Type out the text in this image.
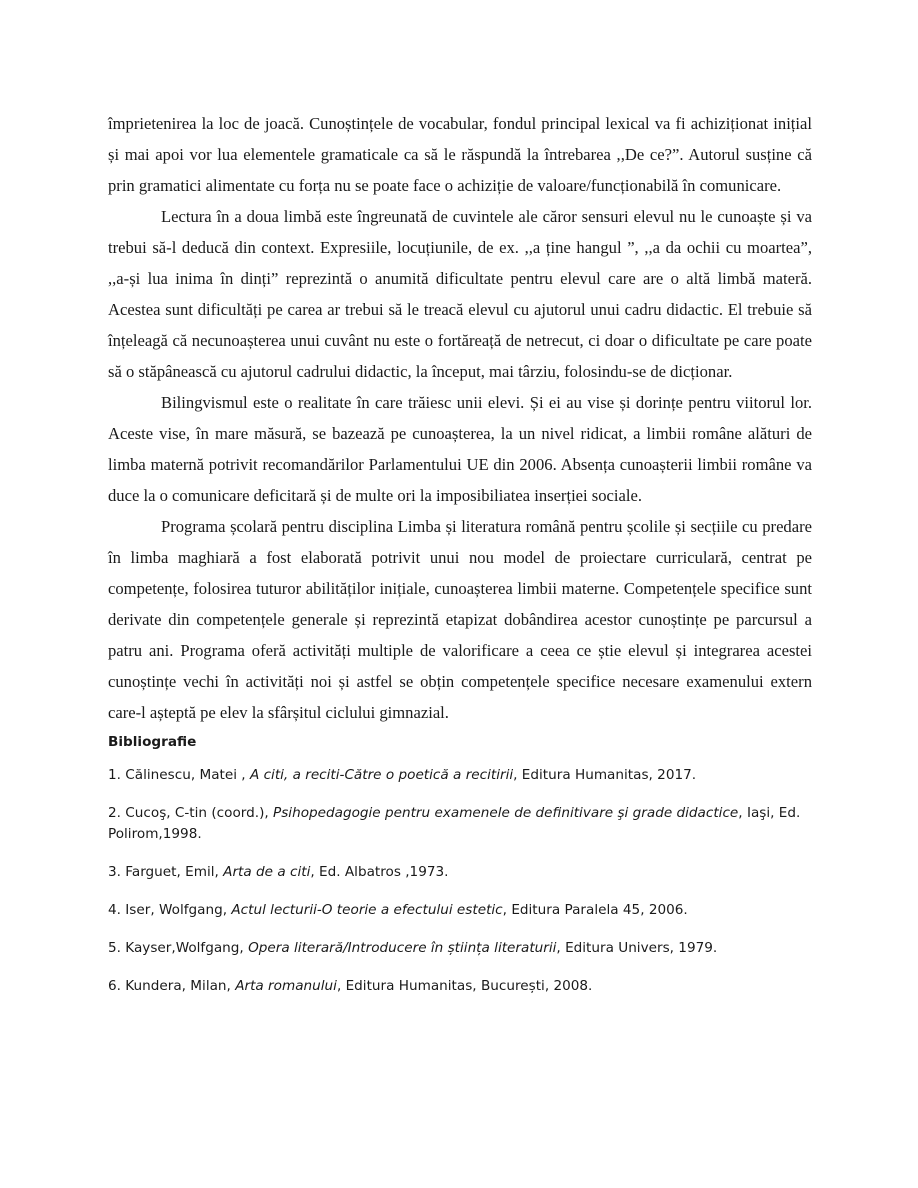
împrietenirea la loc de joacă. Cunoștințele de vocabular, fondul principal lexical va fi achiziționat inițial și mai apoi vor lua elementele gramaticale ca să le răspundă la întrebarea ,,De ce?”. Autorul susține că prin gramatici alimentate cu forța nu se poate face o achiziție de valoare/funcționabilă în comunicare.

Lectura în a doua limbă este îngreunată de cuvintele ale căror sensuri elevul nu le cunoaște și va trebui să-l deducă din context. Expresiile, locuțiunile, de ex. ,,a ține hangul ”, ,,a da ochii cu moartea”, ,,a-și lua inima în dinți” reprezintă o anumită dificultate pentru elevul care are o altă limbă materă. Acestea sunt dificultăți pe carea ar trebui să le treacă elevul cu ajutorul unui cadru didactic. El trebuie să înțeleagă că necunoașterea unui cuvânt nu este o fortăreață de netrecut, ci doar o dificultate pe care poate să o stăpânească cu ajutorul cadrului didactic, la început, mai târziu, folosindu-se de dicționar.

Bilingvismul este o realitate în care trăiesc unii elevi. Și ei au vise și dorințe pentru viitorul lor. Aceste vise, în mare măsură, se bazează pe cunoașterea, la un nivel ridicat, a limbii române alături de limba maternă potrivit recomandărilor Parlamentului UE din 2006. Absența cunoașterii limbii române va duce la o comunicare deficitară și de multe ori la imposibiliatea inserției sociale.

Programa școlară pentru disciplina Limba și literatura română pentru școlile și secțiile cu predare în limba maghiară a fost elaborată potrivit unui nou model de proiectare curriculară, centrat pe competențe, folosirea tuturor abilităților inițiale, cunoașterea limbii materne. Competențele specifice sunt derivate din competențele generale și reprezintă etapizat dobândirea acestor cunoștințe pe parcursul a patru ani. Programa oferă activități multiple de valorificare a ceea ce știe elevul și integrarea acestei cunoștințe vechi în activități noi și astfel se obțin competențele specifice necesare examenului extern care-l așteptă pe elev la sfârșitul ciclului gimnazial.

Bibliografie

1. Călinescu, Matei , A citi, a reciti-Către o poetică a recitirii, Editura Humanitas, 2017.
2. Cucoş, C-tin (coord.), Psihopedagogie pentru examenele de definitivare şi grade didactice, Iaşi, Ed. Polirom,1998.
3. Farguet, Emil, Arta de a citi, Ed. Albatros ,1973.
4. Iser, Wolfgang, Actul lecturii-O teorie a efectului estetic, Editura Paralela 45, 2006.
5. Kayser,Wolfgang, Opera literară/Introducere în știința literaturii, Editura Univers, 1979.
6. Kundera, Milan, Arta romanului, Editura Humanitas, București, 2008.
